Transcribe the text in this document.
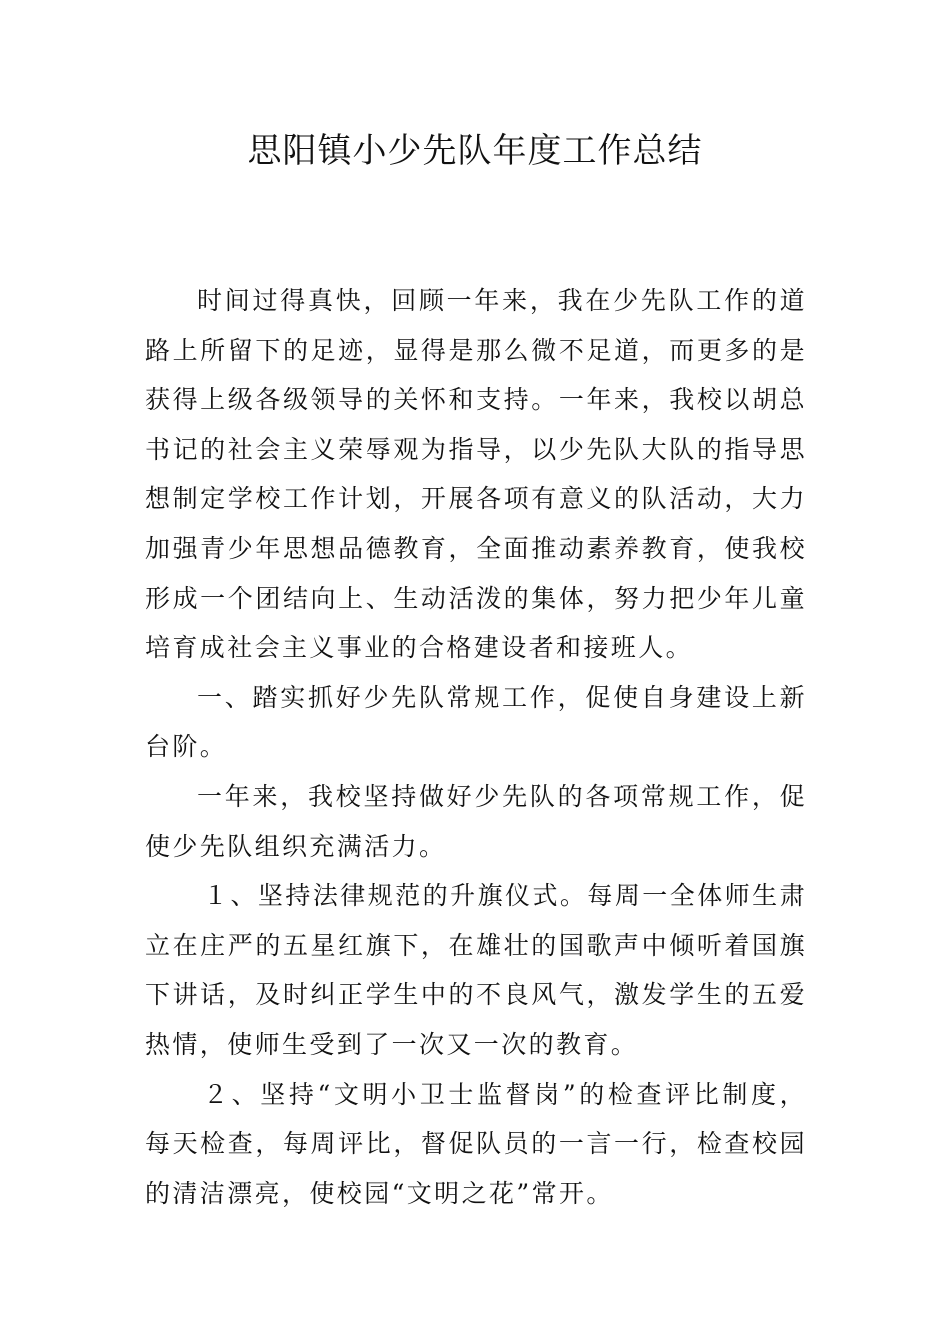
思阳镇小少先队年度工作总结

时间过得真快，回顾一年来，我在少先队工作的道路上所留下的足迹，显得是那么微不足道，而更多的是获得上级各级领导的关怀和支持。一年来，我校以胡总书记的社会主义荣辱观为指导，以少先队大队的指导思想制定学校工作计划，开展各项有意义的队活动，大力加强青少年思想品德教育，全面推动素养教育，使我校形成一个团结向上、生动活泼的集体，努力把少年儿童培育成社会主义事业的合格建设者和接班人。

一、踏实抓好少先队常规工作，促使自身建设上新台阶。

一年来，我校坚持做好少先队的各项常规工作，促使少先队组织充满活力。

１、坚持法律规范的升旗仪式。每周一全体师生肃立在庄严的五星红旗下，在雄壮的国歌声中倾听着国旗下讲话，及时纠正学生中的不良风气，激发学生的五爱热情，使师生受到了一次又一次的教育。

２、坚持“文明小卫士监督岗”的检查评比制度，每天检查，每周评比，督促队员的一言一行，检查校园的清洁漂亮，使校园“文明之花”常开。
